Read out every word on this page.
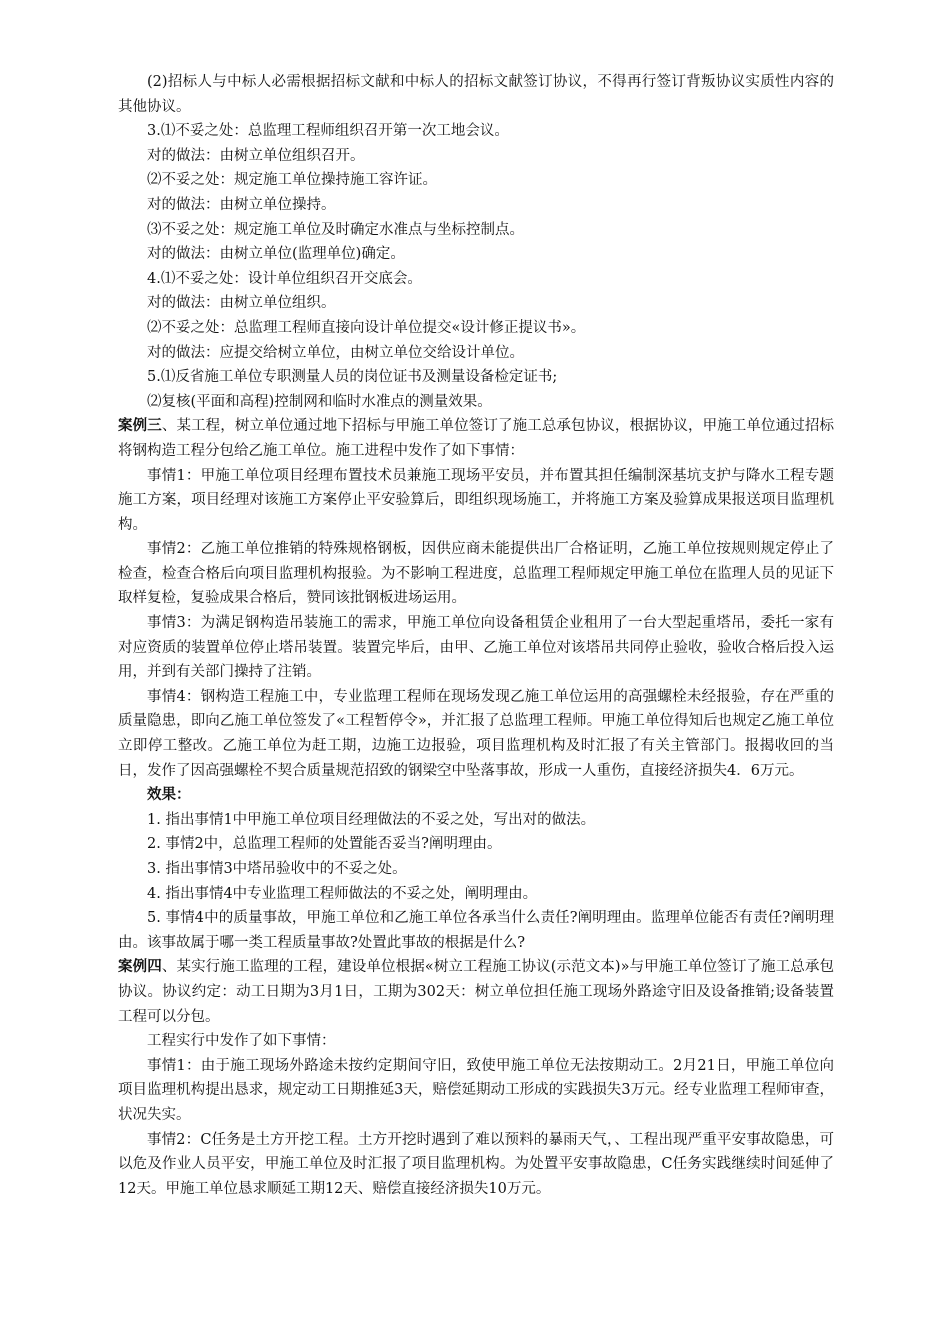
(2)招标人与中标人必需根据招标文献和中标人的招标文献签订协议，不得再行签订背叛协议实质性内容的其他协议。

3.⑴不妥之处：总监理工程师组织召开第一次工地会议。

对的做法：由树立单位组织召开。

⑵不妥之处：规定施工单位操持施工容许证。

对的做法：由树立单位操持。

⑶不妥之处：规定施工单位及时确定水准点与坐标控制点。

对的做法：由树立单位(监理单位)确定。

4.⑴不妥之处：设计单位组织召开交底会。

对的做法：由树立单位组织。

⑵不妥之处：总监理工程师直接向设计单位提交«设计修正提议书»。

对的做法：应提交给树立单位，由树立单位交给设计单位。

5.⑴反省施工单位专职测量人员的岗位证书及测量设备检定证书;

⑵复核(平面和高程)控制网和临时水准点的测量效果。

案例三、某工程，树立单位通过地下招标与甲施工单位签订了施工总承包协议，根据协议，甲施工单位通过招标将钢构造工程分包给乙施工单位。施工进程中发作了如下事情：

事情1：甲施工单位项目经理布置技术员兼施工现场平安员，并布置其担任编制深基坑支护与降水工程专题施工方案，项目经理对该施工方案停止平安验算后，即组织现场施工，并将施工方案及验算成果报送项目监理机构。

事情2：乙施工单位推销的特殊规格钢板，因供应商未能提供出厂合格证明，乙施工单位按规则规定停止了检查，检查合格后向项目监理机构报验。为不影响工程进度，总监理工程师规定甲施工单位在监理人员的见证下取样复检，复验成果合格后，赞同该批钢板进场运用。

事情3：为满足钢构造吊装施工的需求，甲施工单位向设备租赁企业租用了一台大型起重塔吊，委托一家有对应资质的装置单位停止塔吊装置。装置完毕后，由甲、乙施工单位对该塔吊共同停止验收，验收合格后投入运用，并到有关部门操持了注销。

事情4：钢构造工程施工中，专业监理工程师在现场发现乙施工单位运用的高强螺栓未经报验，存在严重的质量隐患，即向乙施工单位签发了«工程暂停令»，并汇报了总监理工程师。甲施工单位得知后也规定乙施工单位立即停工整改。乙施工单位为赶工期，边施工边报验，项目监理机构及时汇报了有关主管部门。报揭收回的当日，发作了因高强螺栓不契合质量规范招致的钢梁空中坠落事故，形成一人重伤，直接经济损失4．6万元。

效果：

1. 指出事情1中甲施工单位项目经理做法的不妥之处，写出对的做法。

2. 事情2中，总监理工程师的处置能否妥当?阐明理由。

3. 指出事情3中塔吊验收中的不妥之处。

4. 指出事情4中专业监理工程师做法的不妥之处，阐明理由。

5. 事情4中的质量事故，甲施工单位和乙施工单位各承当什么责任?阐明理由。监理单位能否有责任?阐明理由。该事故属于哪一类工程质量事故?处置此事故的根据是什么?

案例四、某实行施工监理的工程，建设单位根据«树立工程施工协议(示范文本)»与甲施工单位签订了施工总承包协议。协议约定：动工日期为3月1日，工期为302天：树立单位担任施工现场外路途守旧及设备推销;设备装置工程可以分包。

工程实行中发作了如下事情：

事情1：由于施工现场外路途未按约定期间守旧，致使甲施工单位无法按期动工。2月21日，甲施工单位向项目监理机构提出恳求，规定动工日期推延3天，赔偿延期动工形成的实践损失3万元。经专业监理工程师审查，状况失实。

事情2：C任务是土方开挖工程。土方开挖时遇到了难以预料的暴雨天气，、工程出现严重平安事故隐患，可以危及作业人员平安，甲施工单位及时汇报了项目监理机构。为处置平安事故隐患，C任务实践继续时间延伸了12天。甲施工单位恳求顺延工期12天、赔偿直接经济损失10万元。
